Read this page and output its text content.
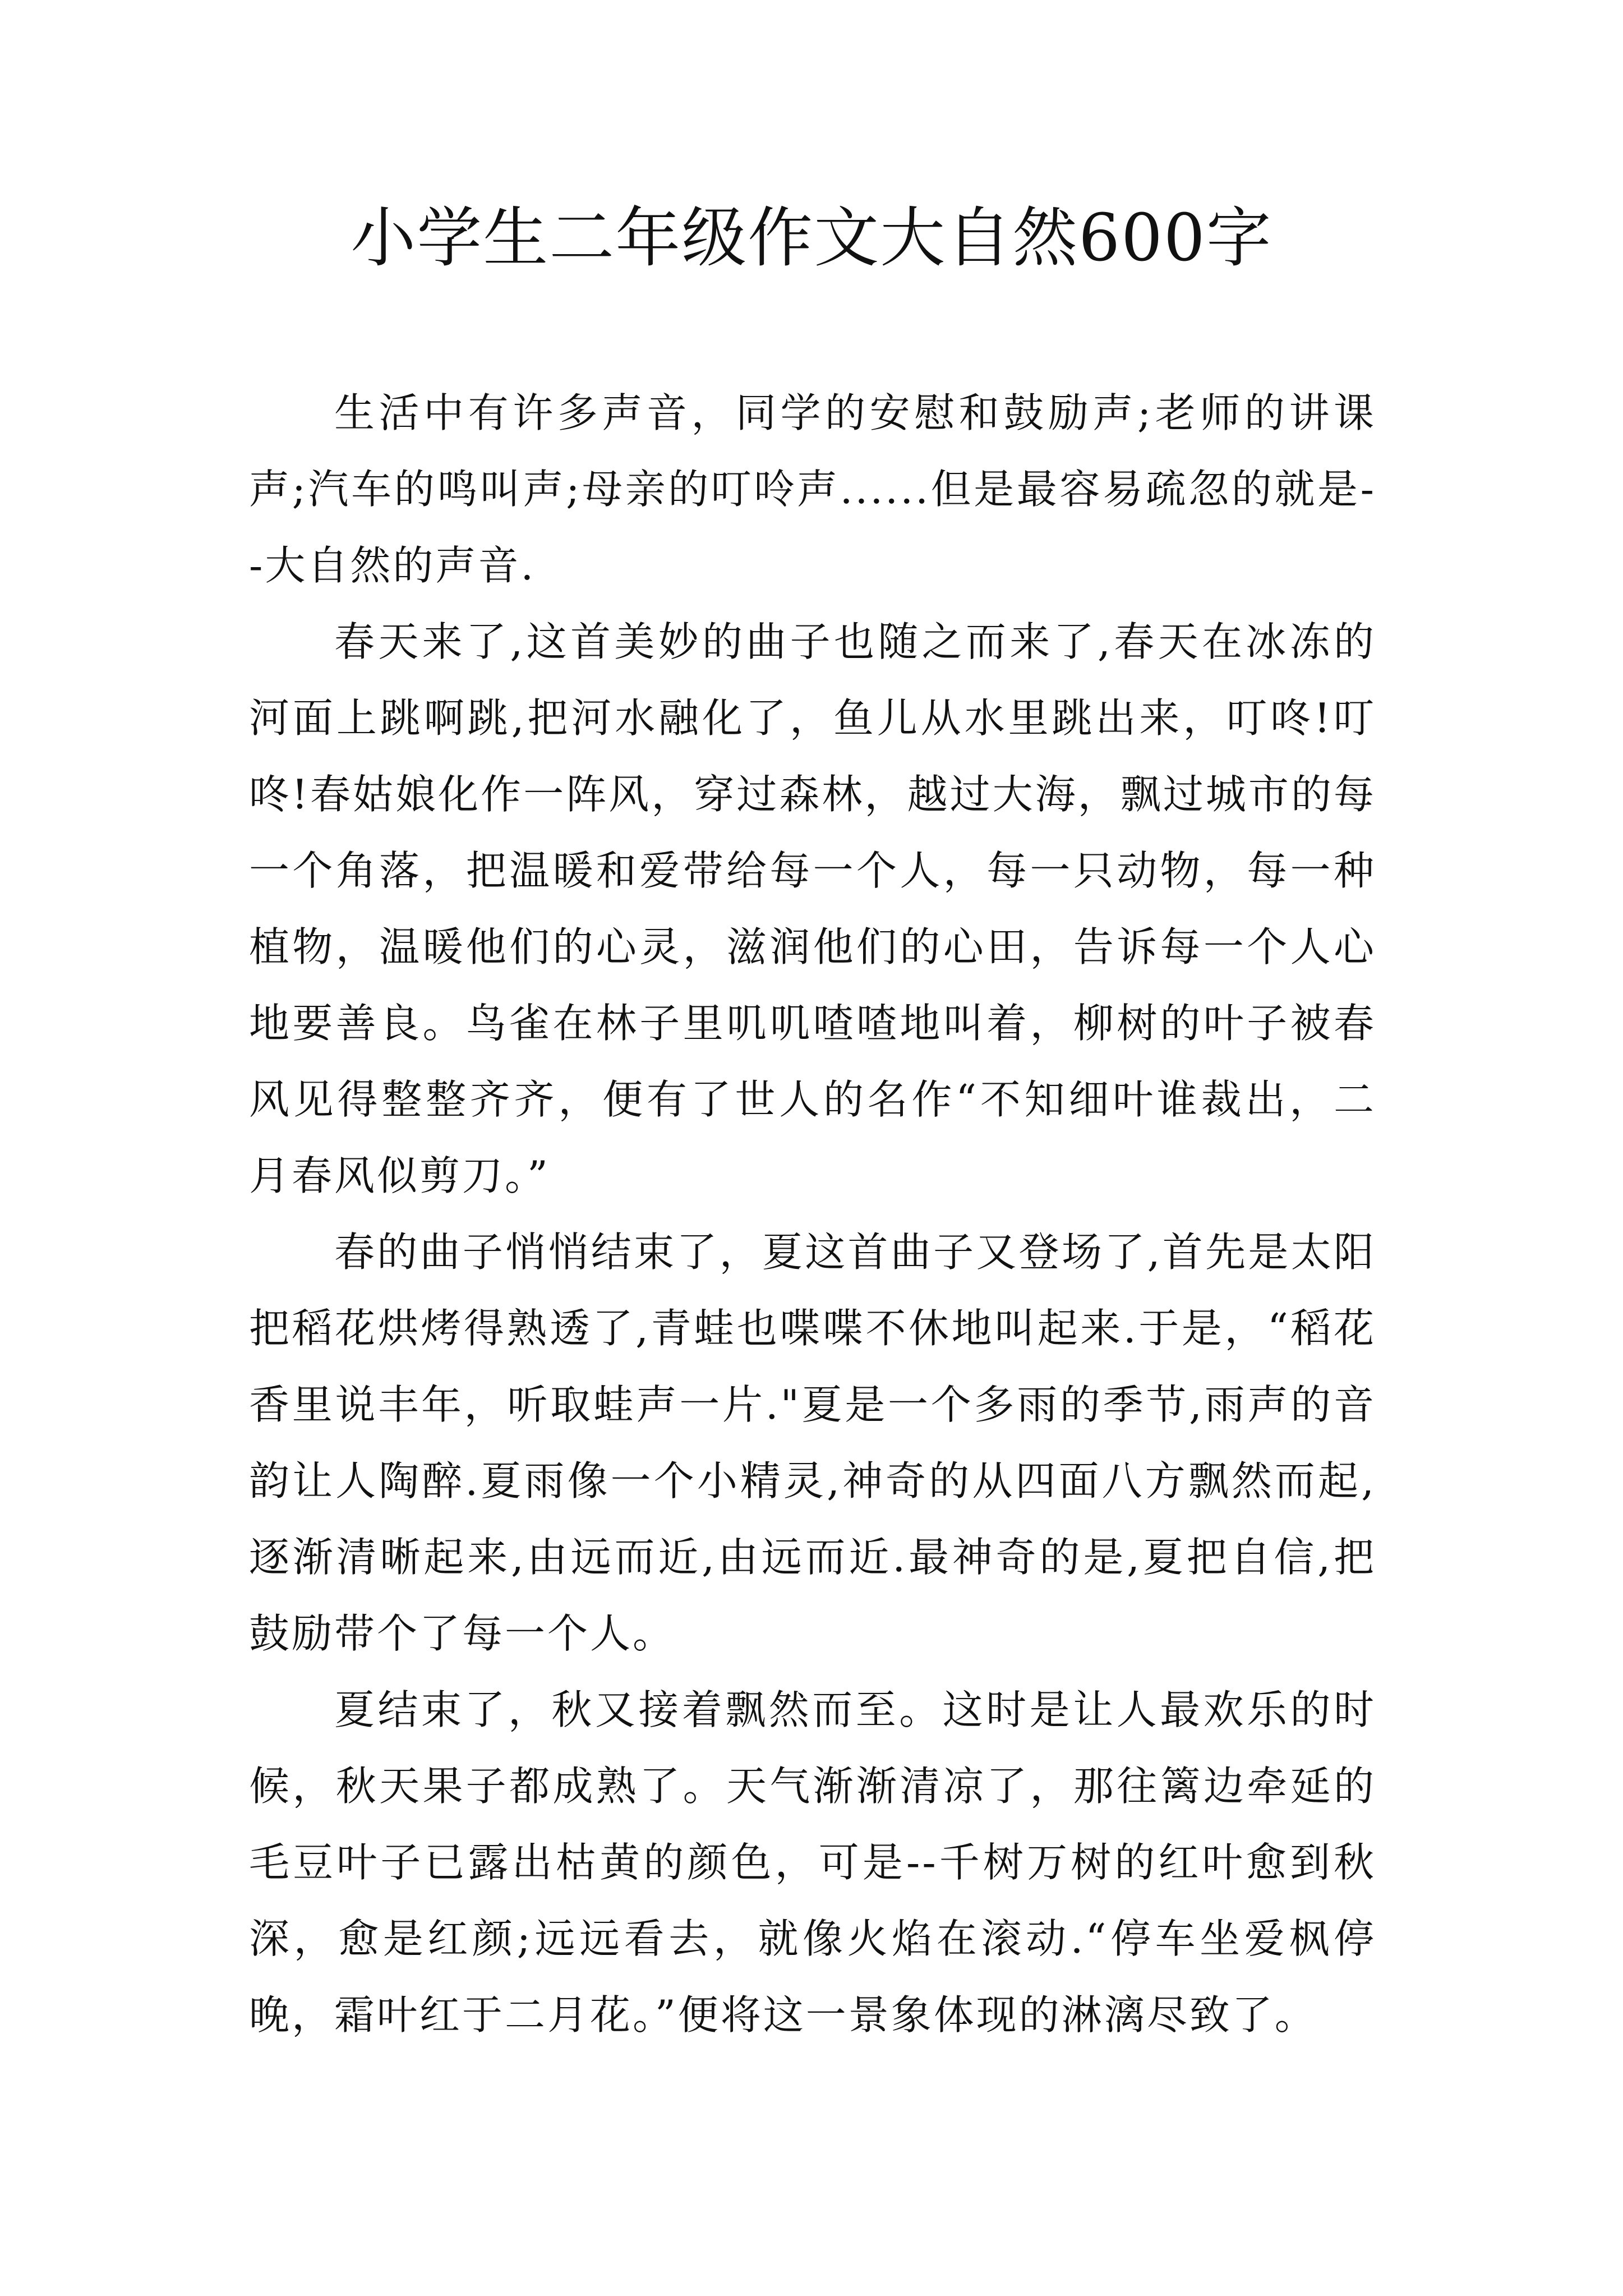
小学生二年级作文大自然600字

生活中有许多声音，同学的安慰和鼓励声;老师的讲课声;汽车的鸣叫声;母亲的叮呤声......但是最容易疏忽的就是--大自然的声音.

春天来了,这首美妙的曲子也随之而来了,春天在冰冻的河面上跳啊跳,把河水融化了，鱼儿从水里跳出来，叮咚!叮咚!春姑娘化作一阵风，穿过森林，越过大海，飘过城市的每一个角落，把温暖和爱带给每一个人，每一只动物，每一种植物，温暖他们的心灵，滋润他们的心田，告诉每一个人心地要善良。鸟雀在林子里叽叽喳喳地叫着，柳树的叶子被春风见得整整齐齐，便有了世人的名作“不知细叶谁裁出，二月春风似剪刀。”

春的曲子悄悄结束了，夏这首曲子又登场了,首先是太阳把稻花烘烤得熟透了,青蛙也喋喋不休地叫起来.于是，“稻花香里说丰年，听取蛙声一片."夏是一个多雨的季节,雨声的音韵让人陶醉.夏雨像一个小精灵,神奇的从四面八方飘然而起,逐渐清晰起来,由远而近,由远而近.最神奇的是,夏把自信,把鼓励带个了每一个人。

夏结束了，秋又接着飘然而至。这时是让人最欢乐的时候，秋天果子都成熟了。天气渐渐清凉了，那往篱边牵延的毛豆叶子已露出枯黄的颜色，可是--千树万树的红叶愈到秋深，愈是红颜;远远看去，就像火焰在滚动.“停车坐爱枫停晚，霜叶红于二月花。”便将这一景象体现的淋漓尽致了。
